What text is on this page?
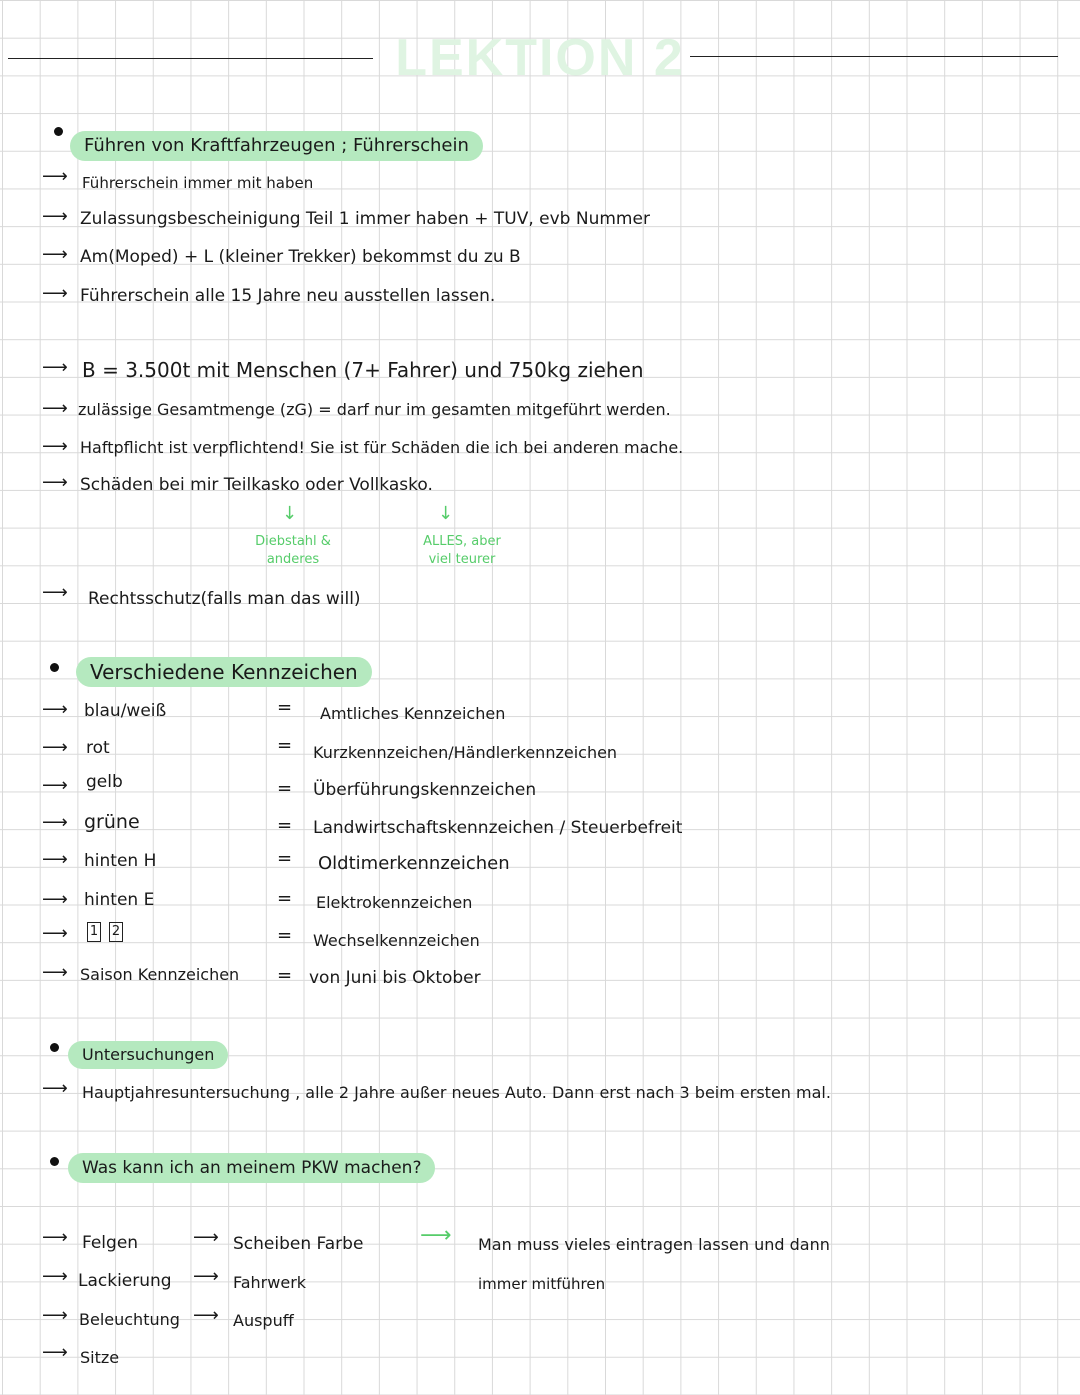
LEKTION 2
Führen von Kraftfahrzeugen ; Führerschein
⟶ Führerschein immer mit haben
⟶ Zulassungsbescheinigung Teil 1 immer haben + TUV, evb Nummer
⟶ Am(Moped) + L (kleiner Trekker) bekommst du zu B
⟶ Führerschein alle 15 Jahre neu ausstellen lassen.
⟶ B = 3.500t mit Menschen (7+ Fahrer) und 750kg ziehen
⟶ zulässige Gesamtmenge (zG) = darf nur im gesamten mitgeführt werden.
⟶ Haftpflicht ist verpflichtend! Sie ist für Schäden die ich bei anderen mache.
⟶ Schäden bei mir Teilkasko oder Vollkasko.
↓
Diebstahl & anderes
↓
ALLES, aber viel teurer
⟶ Rechtsschutz(falls man das will)
Verschiedene Kennzeichen
⟶ blau/weiß	= Amtliches Kennzeichen
⟶ rot	= Kurzkennzeichen/Händlerkennzeichen
⟶ gelb	= Überführungskennzeichen
⟶ grüne	= Landwirtschaftskennzeichen / Steuerbefreit
⟶ hinten H	= Oldtimerkennzeichen
⟶ hinten E	= Elektrokennzeichen
⟶ 1 2	= Wechselkennzeichen
⟶ Saison Kennzeichen = von Juni bis Oktober
Untersuchungen
⟶ Hauptjahresuntersuchung , alle 2 Jahre außer neues Auto. Dann erst nach 3 beim ersten mal.
Was kann ich an meinem PKW machen?
⟶ Felgen
⟶ Lackierung
⟶ Beleuchtung
⟶ Sitze
⟶ Scheiben Farbe
⟶ Fahrwerk
⟶ Auspuff
⟶ Man muss vieles eintragen lassen und dann
immer mitführen
